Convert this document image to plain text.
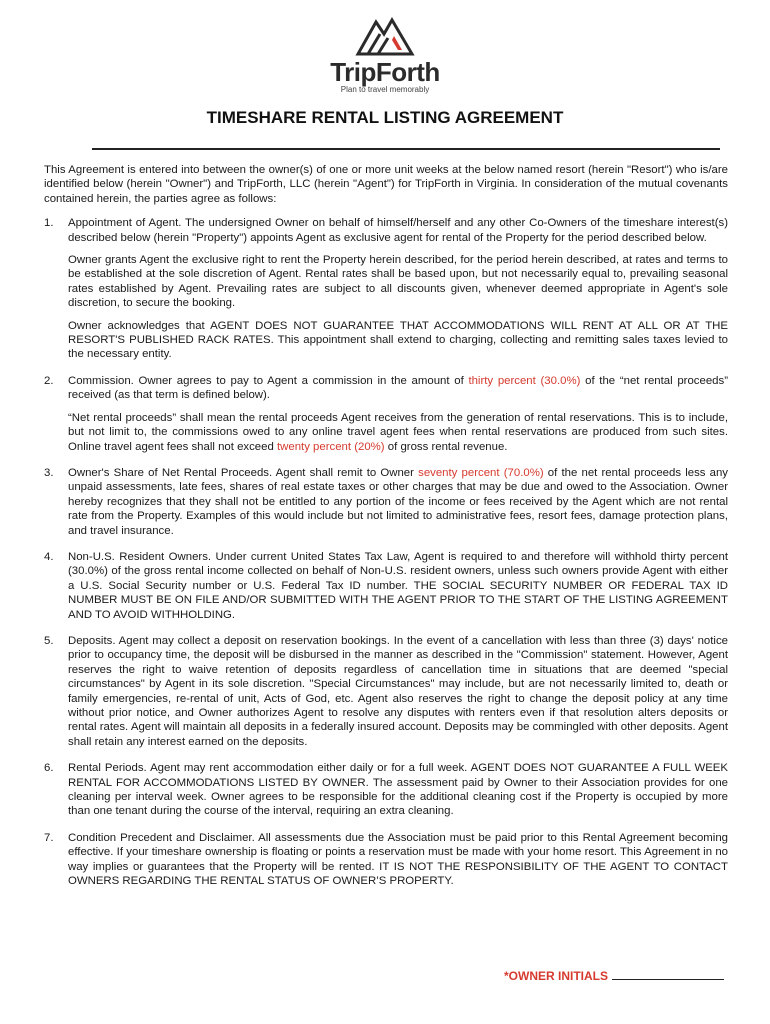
TripForth
Plan to travel memorably
TIMESHARE RENTAL LISTING AGREEMENT

This Agreement is entered into between the owner(s) of one or more unit weeks at the below named resort (herein "Resort") who is/are identified below (herein "Owner") and TripForth, LLC (herein "Agent") for TripForth in Virginia. In consideration of the mutual covenants contained herein, the parties agree as follows:

1.	Appointment of Agent. The undersigned Owner on behalf of himself/herself and any other Co-Owners of the timeshare interest(s) described below (herein "Property") appoints Agent as exclusive agent for rental of the Property for the period described below.

Owner grants Agent the exclusive right to rent the Property herein described, for the period herein described, at rates and terms to be established at the sole discretion of Agent. Rental rates shall be based upon, but not necessarily equal to, prevailing seasonal rates established by Agent. Prevailing rates are subject to all discounts given, whenever deemed appropriate in Agent's sole discretion, to secure the booking.

Owner acknowledges that AGENT DOES NOT GUARANTEE THAT ACCOMMODATIONS WILL RENT AT ALL OR AT THE RESORT'S PUBLISHED RACK RATES. This appointment shall extend to charging, collecting and remitting sales taxes levied to the necessary entity.

2.	Commission. Owner agrees to pay to Agent a commission in the amount of thirty percent (30.0%) of the “net rental proceeds” received (as that term is defined below).

“Net rental proceeds” shall mean the rental proceeds Agent receives from the generation of rental reservations. This is to include, but not limit to, the commissions owed to any online travel agent fees when rental reservations are produced from such sites. Online travel agent fees shall not exceed twenty percent (20%) of gross rental revenue.

3.	Owner's Share of Net Rental Proceeds. Agent shall remit to Owner seventy percent (70.0%) of the net rental proceeds less any unpaid assessments, late fees, shares of real estate taxes or other charges that may be due and owed to the Association. Owner hereby recognizes that they shall not be entitled to any portion of the income or fees received by the Agent which are not rental rate from the Property. Examples of this would include but not limited to administrative fees, resort fees, damage protection plans, and travel insurance.

4.	Non-U.S. Resident Owners. Under current United States Tax Law, Agent is required to and therefore will withhold thirty percent (30.0%) of the gross rental income collected on behalf of Non-U.S. resident owners, unless such owners provide Agent with either a U.S. Social Security number or U.S. Federal Tax ID number. THE SOCIAL SECURITY NUMBER OR FEDERAL TAX ID NUMBER MUST BE ON FILE AND/OR SUBMITTED WITH THE AGENT PRIOR TO THE START OF THE LISTING AGREEMENT AND TO AVOID WITHHOLDING.

5.	Deposits. Agent may collect a deposit on reservation bookings. In the event of a cancellation with less than three (3) days' notice prior to occupancy time, the deposit will be disbursed in the manner as described in the "Commission" statement. However, Agent reserves the right to waive retention of deposits regardless of cancellation time in situations that are deemed "special circumstances" by Agent in its sole discretion. "Special Circumstances" may include, but are not necessarily limited to, death or family emergencies, re-rental of unit, Acts of God, etc. Agent also reserves the right to change the deposit policy at any time without prior notice, and Owner authorizes Agent to resolve any disputes with renters even if that resolution alters deposits or rental rates. Agent will maintain all deposits in a federally insured account. Deposits may be commingled with other deposits. Agent shall retain any interest earned on the deposits.

6.	Rental Periods. Agent may rent accommodation either daily or for a full week. AGENT DOES NOT GUARANTEE A FULL WEEK RENTAL FOR ACCOMMODATIONS LISTED BY OWNER. The assessment paid by Owner to their Association provides for one cleaning per interval week. Owner agrees to be responsible for the additional cleaning cost if the Property is occupied by more than one tenant during the course of the interval, requiring an extra cleaning.

7.	Condition Precedent and Disclaimer. All assessments due the Association must be paid prior to this Rental Agreement becoming effective. If your timeshare ownership is floating or points a reservation must be made with your home resort. This Agreement in no way implies or guarantees that the Property will be rented. IT IS NOT THE RESPONSIBILITY OF THE AGENT TO CONTACT OWNERS REGARDING THE RENTAL STATUS OF OWNER’S PROPERTY.

*OWNER INITIALS
